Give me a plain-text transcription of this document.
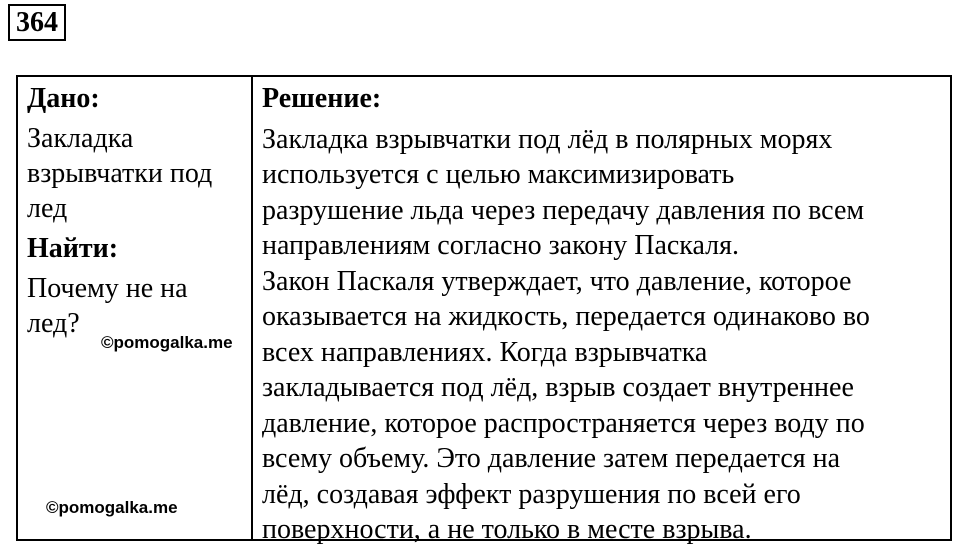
364
Дано:
Закладка
взрывчатки под
лед
Найти:
Почему не на
лед?
Решение:
Закладка взрывчатки под лёд в полярных морях
используется с целью максимизировать
разрушение льда через передачу давления по всем
направлениям согласно закону Паскаля.
Закон Паскаля утверждает, что давление, которое
оказывается на жидкость, передается одинаково во
всех направлениях. Когда взрывчатка
закладывается под лёд, взрыв создает внутреннее
давление, которое распространяется через воду по
всему объему. Это давление затем передается на
лёд, создавая эффект разрушения по всей его
поверхности, а не только в месте взрыва.
©pomogalka.me
©pomogalka.me
